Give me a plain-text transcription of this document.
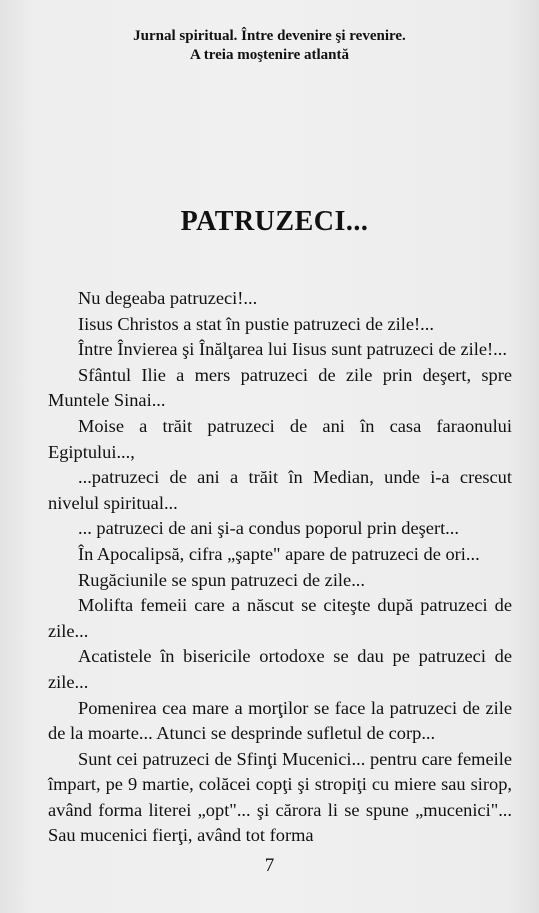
Jurnal spiritual. Între devenire şi revenire.
A treia moştenire atlantă
PATRUZECI...

Nu degeaba patruzeci!...

Iisus Christos a stat în pustie patruzeci de zile!...

Între Învierea şi Înălţarea lui Iisus sunt patruzeci de zile!...

Sfântul Ilie a mers patruzeci de zile prin deşert, spre Muntele Sinai...

Moise a trăit patruzeci de ani în casa faraonului Egiptului...,

...patruzeci de ani a trăit în Median, unde i-a crescut nivelul spiritual...

... patruzeci de ani şi-a condus poporul prin deşert...

În Apocalipsă, cifra „şapte" apare de patruzeci de ori...

Rugăciunile se spun patruzeci de zile...

Molifta femeii care a născut se citeşte după patruzeci de zile...

Acatistele în bisericile ortodoxe se dau pe patruzeci de zile...

Pomenirea cea mare a morţilor se face la patruzeci de zile de la moarte... Atunci se desprinde sufletul de corp...

Sunt cei patruzeci de Sfinţi Mucenici... pentru care femeile împart, pe 9 martie, colăcei copţi şi stropiţi cu miere sau sirop, având forma literei „opt"... şi cărora li se spune „mucenici"... Sau mucenici fierţi, având tot forma

7
